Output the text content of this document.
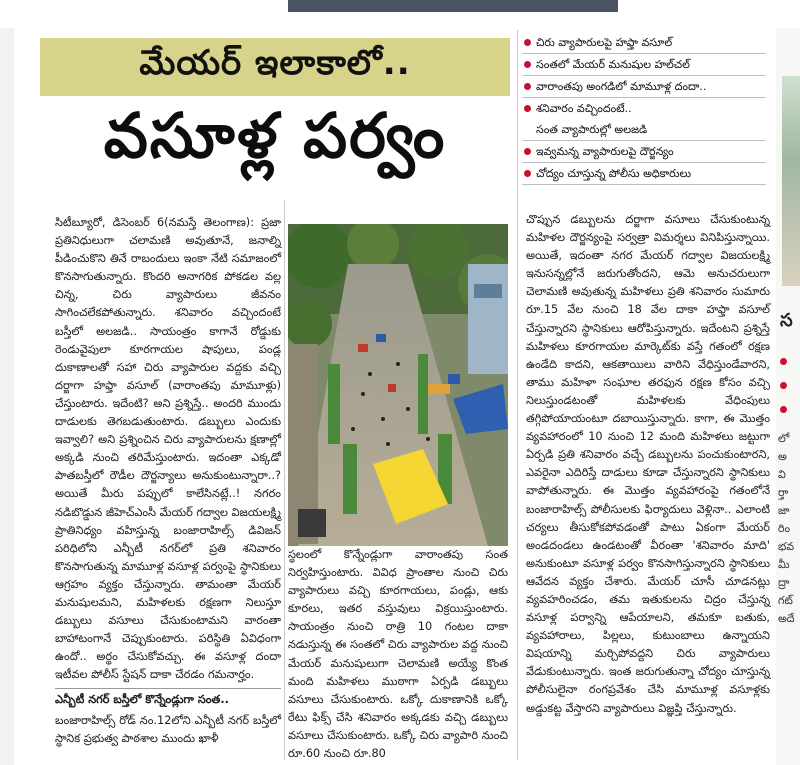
స
లో
అ
వి
ర్తా
జా
రిం
భవ
మీ
ద్రా
గట్
అదే
మేయర్ ఇలాకాలో..
వసూళ్ల పర్వం
చిరు వ్యాపారులపై హఫ్తా వసూల్
సంతలో మేయర్ మనుషుల హల్‌చల్
వారాంతపు అంగడిలో మామూళ్ల దందా..
శనివారం వచ్చిందంటే..
సంత వ్యాపారుల్లో అలజడి
ఇవ్వమన్న వ్యాపారులపై దౌర్జన్యం
చోద్యం చూస్తున్న పోలీసు అధికారులు

సిటీబ్యూరో, డిసెంబర్ 6(నమస్తే తెలంగాణ): ప్రజా ప్రతినిధులుగా చలామణి అవుతూనే, జనాల్ని పీడించుకొని తినే రాబందులు ఇంకా నేటి సమాజంలో కొనసాగుతున్నారు. కొందరి అనాగరిక పోకడల వల్ల చిన్న, చిరు వ్యాపారులు జీవనం సాగించలేకపోతున్నారు. శనివారం వచ్చిందంటే బస్తీలో అలజడి.. సాయంత్రం కాగానే రోడ్డుకు రెండువైపులా కూరగాయల షాపులు, పండ్ల దుకాణాలతో సహా చిరు వ్యాపారుల వద్దకు వచ్చి దర్జాగా హఫ్తా వసూల్ (వారాంతపు మామూళ్లు) చేస్తుంటారు. ఇదేంటి? అని ప్రశ్నిస్తే.. అందరి ముందు దాడులకు తెగబడుతుంటారు. డబ్బులు ఎందుకు ఇవ్వాలి? అని ప్రశ్నించిన చిరు వ్యాపారులను క్షణాల్లో అక్కడి నుంచి తరిమేస్తుంటారు. ఇదంతా ఎక్కడో పాతబస్తీలో రౌడీల దౌర్జన్యాలు అనుకుంటున్నారా..? అయితే మీరు పప్పులో కాలేసినట్లే..! నగరం నడిబొడ్డున జీహెచ్ఎంసీ మేయర్ గద్వాల విజయలక్ష్మి ప్రాతినిధ్యం వహిస్తున్న బంజారాహిల్స్ డివిజన్ పరిధిలోని ఎన్బీటీ నగర్‌లో ప్రతి శనివారం కొనసాగుతున్న మామూళ్ల వసూళ్ల పర్వంపై స్థానికులు ఆగ్రహం వ్యక్తం చేస్తున్నారు. తామంతా మేయర్ మనుషులమని, మహిళలకు రక్షణగా నిలుస్తూ డబ్బులు వసూలు చేసుకుంటామని వారంతా బాహాటంగానే చెప్పుకుంటారు. పరిస్థితి ఏవిధంగా ఉందో.. అర్థం చేసుకోవచ్చు. ఈ వసూళ్ల దందా ఇటీవల పోలీస్ స్టేషన్ దాకా చేరడం గమనార్హం.

ఎన్బీటీ నగర్ బస్తీలో కొన్నేండ్లుగా సంత..

బంజారాహిల్స్ రోడ్ నం.12లోని ఎన్బీటీ నగర్ బస్తీలో స్థానిక ప్రభుత్వ పాఠశాల ముందు ఖాళీ

స్థలంలో కొన్నేండ్లుగా వారాంతపు సంత నిర్వహిస్తుంటారు. వివిధ ప్రాంతాల నుంచి చిరు వ్యాపారులు వచ్చి కూరగాయలు, పండ్లు, ఆకు కూరలు, ఇతర వస్తువులు విక్రయిస్తుంటారు. సాయంత్రం నుంచి రాత్రి 10 గంటల దాకా నడుస్తున్న ఈ సంతలో చిరు వ్యాపారుల వద్ద నుంచి మేయర్ మనుషులుగా చెలామణి అయ్యే కొంత మంది మహిళలు ముఠాగా ఏర్పడి డబ్బులు వసూలు చేసుకుంటారు. ఒక్కో దుకాణానికి ఒక్కో రేటు ఫిక్స్ చేసి శనివారం అక్కడకు వచ్చి డబ్బులు వసూలు చేసుకుంటారు. ఒక్కో చిరు వ్యాపారి నుంచి రూ.60 నుంచి రూ.80

చొప్పున డబ్బులను దర్జాగా వసూలు చేసుకుంటున్న మహిళల దౌర్జన్యంపై సర్వత్రా విమర్శలు వినిపిస్తున్నాయి. అయితే, ఇదంతా నగర మేయర్ గద్వాల విజయలక్ష్మి ఇనుసన్నల్లోనే జరుగుతోందని, ఆమె అనుచరులుగా చెలామణి అవుతున్న మహిళలు ప్రతి శనివారం సుమారు రూ.15 వేల నుంచి 18 వేల దాకా హఫ్తా వసూల్ చేస్తున్నారని స్థానికులు ఆరోపిస్తున్నారు. ఇదేంటని ప్రశ్నిస్తే మహిళలు కూరగాయల మార్కెట్‌కు వస్తే గతంలో రక్షణ ఉండేది కాదని, ఆకతాయిలు వారిని వేధిస్తుండేవారని, తాము మహిళా సంఘాల తరఫున రక్షణ కోసం వచ్చి నిలుస్తుండటంతో మహిళలకు వేధింపులు తగ్గిపోయాయంటూ దబాయిస్తున్నారు. కాగా, ఈ మొత్తం వ్యవహారంలో 10 నుంచి 12 మంది మహిళలు జట్టుగా ఏర్పడి ప్రతి శనివారం వచ్చే డబ్బులను పంచుకుంటారని, ఎవరైనా ఎదిరిస్తే దాడులు కూడా చేస్తున్నారని స్థానికులు వాపోతున్నారు. ఈ మొత్తం వ్యవహారంపై గతంలోనే బంజారాహిల్స్ పోలీసులకు ఫిర్యాదులు వెళ్లినా.. ఎలాంటి చర్యలు తీసుకోకపోవడంతో పాటు ఏకంగా మేయర్ అండదండలు ఉండటంతో వీరంతా 'శనివారం మాది' అనుకుంటూ వసూళ్ల పర్వం కొనసాగిస్తున్నారని స్థానికులు ఆవేదన వ్యక్తం చేశారు. మేయర్ చూసీ చూడనట్లు వ్యవహరించడం, తమ ఇతుకులను చిద్రం చేస్తున్న వసూళ్ల పర్వాన్ని ఆపేయాలని, తమకూ బతుకు, వ్యవహారాలు, పిల్లలు, కుటుంబాలు ఉన్నాయని విషయాన్ని మర్చిపోవద్దని చిరు వ్యాపారులు వేడుకుంటున్నారు. ఇంత జరుగుతున్నా చోద్యం చూస్తున్న పోలీసులైనా రంగప్రవేశం చేసి మామూళ్ల వసూళ్లకు అడ్డుకట్ట వేస్తారని వ్యాపారులు విజ్ఞప్తి చేస్తున్నారు.
